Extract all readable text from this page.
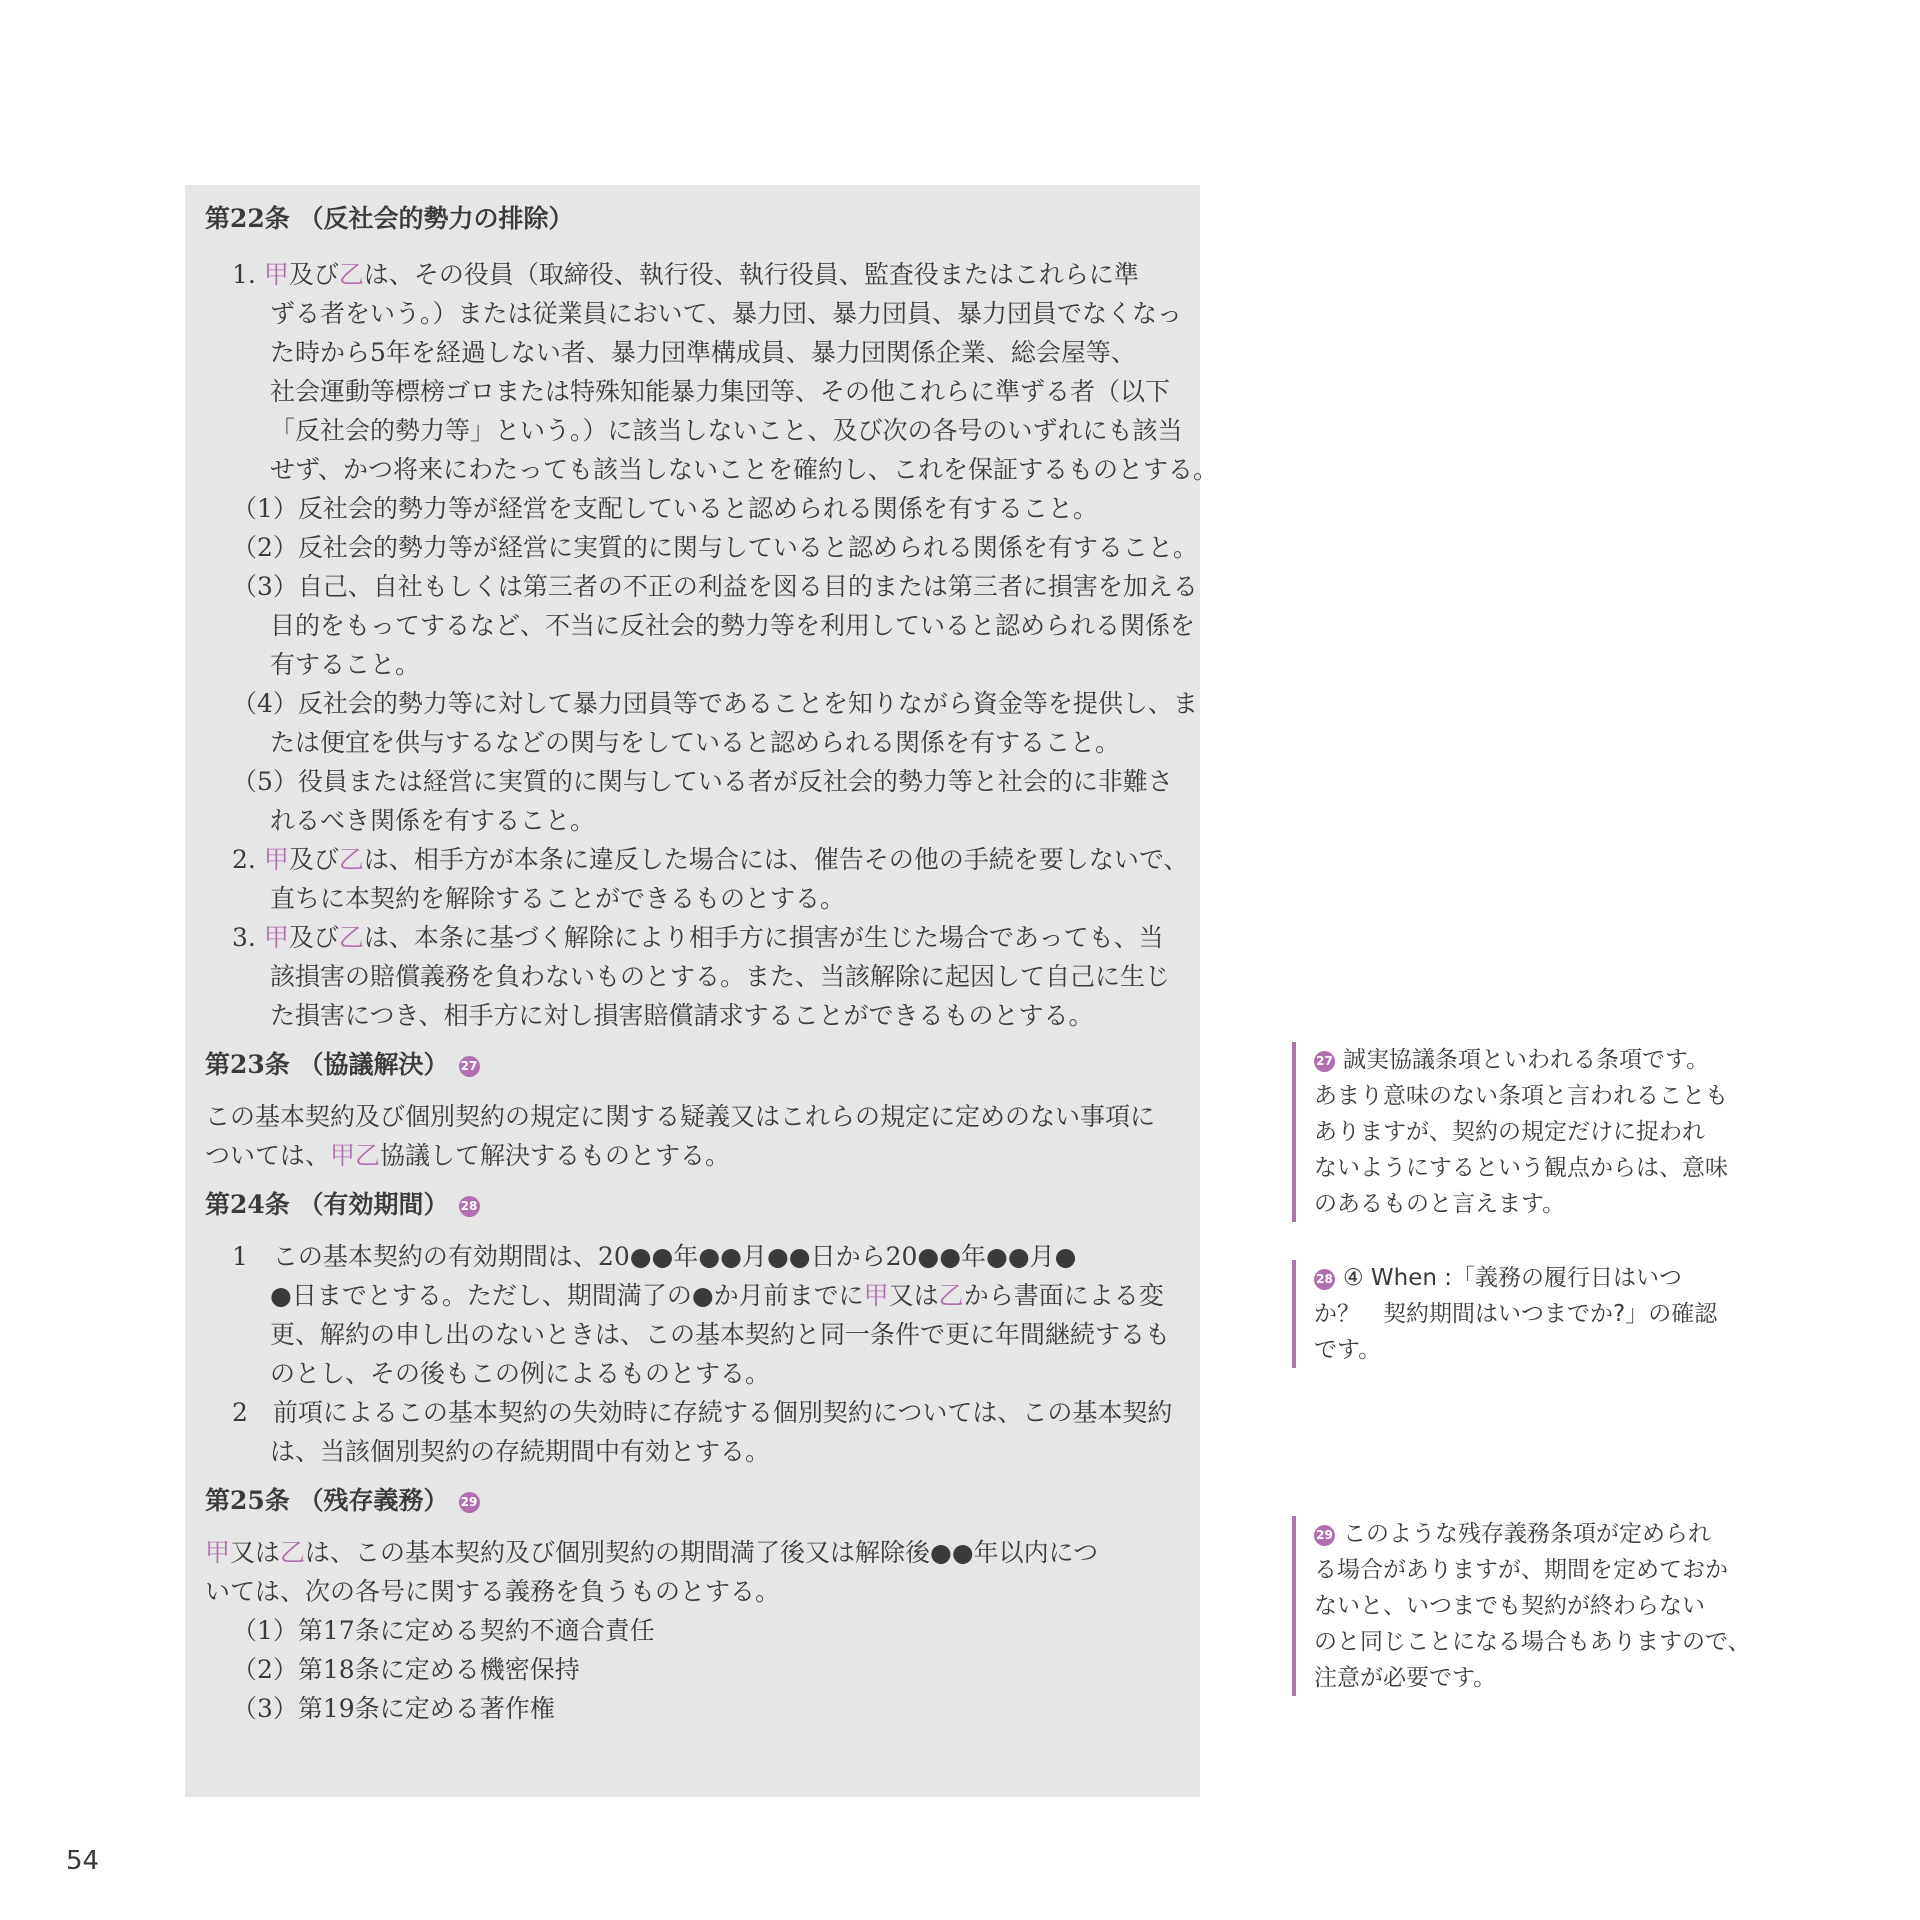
第22条 （反社会的勢力の排除）
1. 甲及び乙は、その役員（取締役、執行役、執行役員、監査役またはこれらに準
ずる者をいう。）または従業員において、暴力団、暴力団員、暴力団員でなくなっ
た時から5年を経過しない者、暴力団準構成員、暴力団関係企業、総会屋等、
社会運動等標榜ゴロまたは特殊知能暴力集団等、その他これらに準ずる者（以下
「反社会的勢力等」という。）に該当しないこと、及び次の各号のいずれにも該当
せず、かつ将来にわたっても該当しないことを確約し、これを保証するものとする。
（1）反社会的勢力等が経営を支配していると認められる関係を有すること。
（2）反社会的勢力等が経営に実質的に関与していると認められる関係を有すること。
（3）自己、自社もしくは第三者の不正の利益を図る目的または第三者に損害を加える
目的をもってするなど、不当に反社会的勢力等を利用していると認められる関係を
有すること。
（4）反社会的勢力等に対して暴力団員等であることを知りながら資金等を提供し、ま
たは便宜を供与するなどの関与をしていると認められる関係を有すること。
（5）役員または経営に実質的に関与している者が反社会的勢力等と社会的に非難さ
れるべき関係を有すること。
2. 甲及び乙は、相手方が本条に違反した場合には、催告その他の手続を要しないで、
直ちに本契約を解除することができるものとする。
3. 甲及び乙は、本条に基づく解除により相手方に損害が生じた場合であっても、当
該損害の賠償義務を負わないものとする。また、当該解除に起因して自己に生じ
た損害につき、相手方に対し損害賠償請求することができるものとする。
第23条 （協議解決） 27
この基本契約及び個別契約の規定に関する疑義又はこれらの規定に定めのない事項に
ついては、甲乙協議して解決するものとする。
第24条 （有効期間） 28
1　 この基本契約の有効期間は、20●●年●●月●●日から20●●年●●月●
●日までとする。ただし、期間満了の●か月前までに甲又は乙から書面による変
更、解約の申し出のないときは、この基本契約と同一条件で更に年間継続するも
のとし、その後もこの例によるものとする。
2　 前項によるこの基本契約の失効時に存続する個別契約については、この基本契約
は、当該個別契約の存続期間中有効とする。
第25条 （残存義務） 29
甲又は乙は、この基本契約及び個別契約の期間満了後又は解除後●●年以内につ
いては、次の各号に関する義務を負うものとする。
（1）第17条に定める契約不適合責任
（2）第18条に定める機密保持
（3）第19条に定める著作権
27 誠実協議条項といわれる条項です。
あまり意味のない条項と言われることも
ありますが、契約の規定だけに捉われ
ないようにするという観点からは、意味
のあるものと言えます。
28 ④ When :「義務の履行日はいつ
か？　契約期間はいつまでか?」の確認
です。
29 このような残存義務条項が定められ
る場合がありますが、期間を定めておか
ないと、いつまでも契約が終わらない
のと同じことになる場合もありますので、
注意が必要です。
54
